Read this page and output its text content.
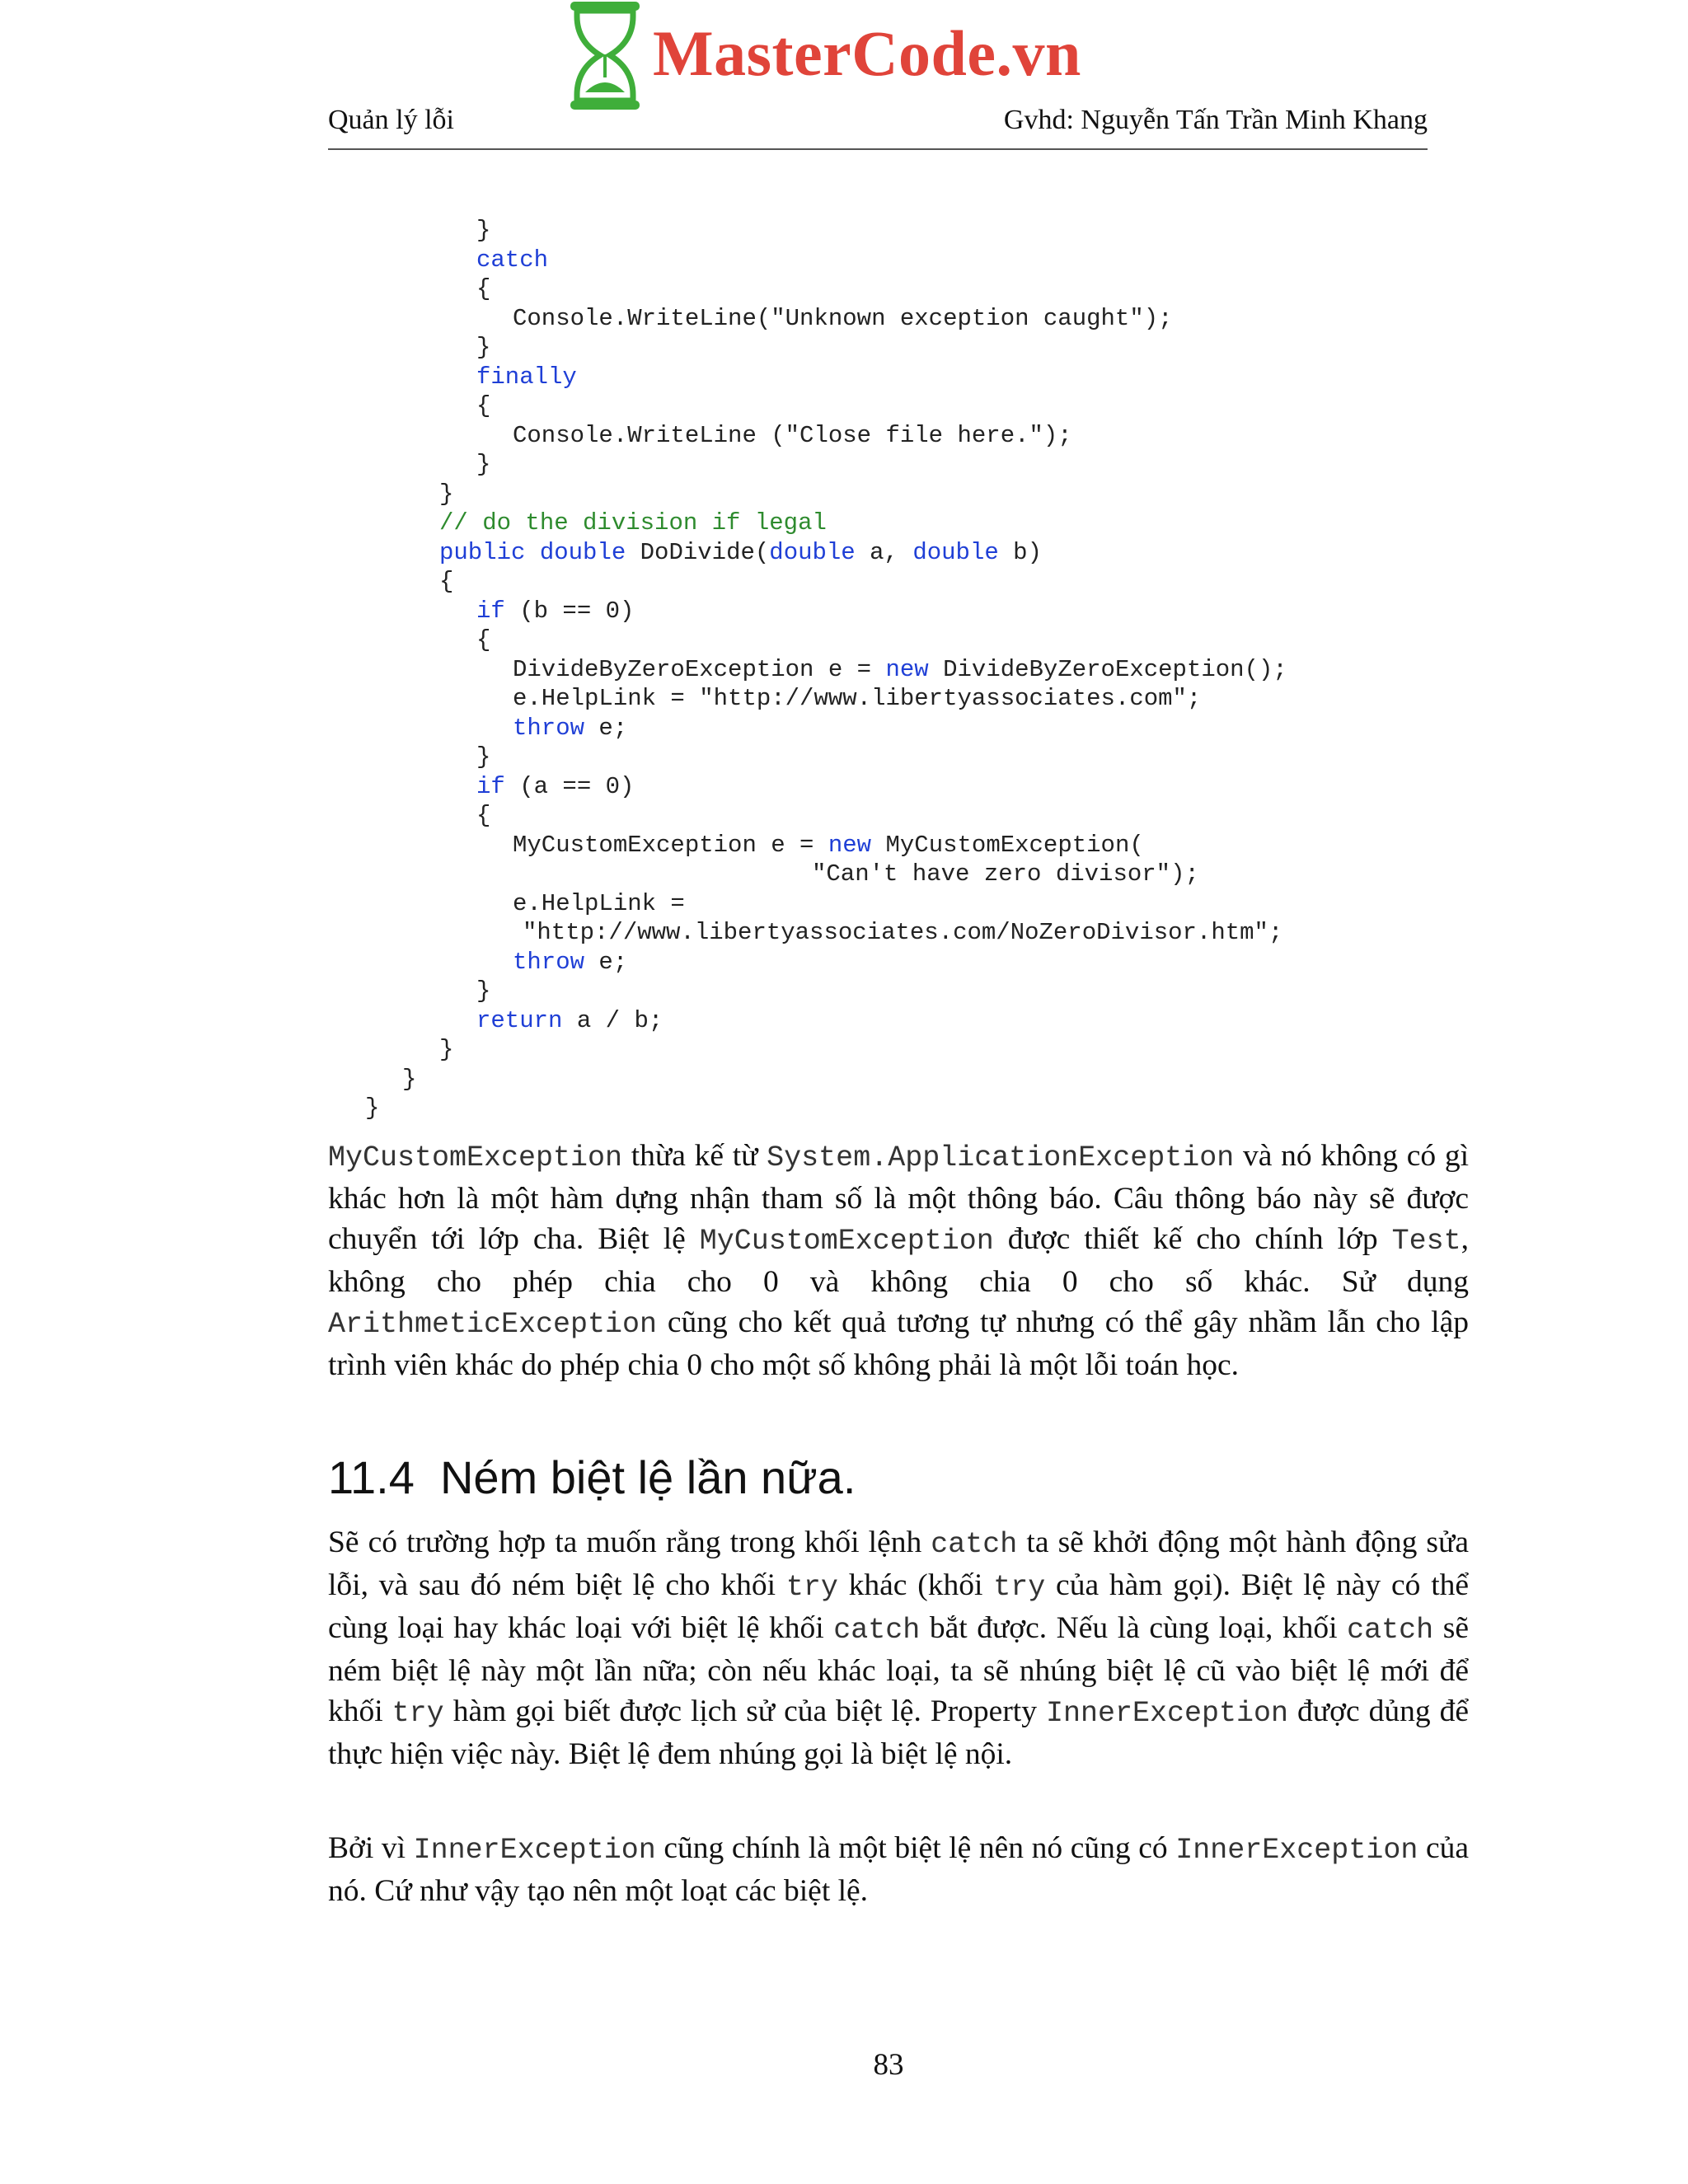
MasterCode.vn
Quản lý lỗi	Gvhd: Nguyễn Tấn Trần Minh Khang
}
catch
{
Console.WriteLine("Unknown exception caught");
}
finally
{
Console.WriteLine ("Close file here.");
}
}
// do the division if legal
public double DoDivide(double a, double b)
{
if (b == 0)
{
DivideByZeroException e = new DivideByZeroException();
e.HelpLink = "http://www.libertyassociates.com";
throw e;
}
if (a == 0)
{
MyCustomException e = new MyCustomException(
"Can't have zero divisor");
e.HelpLink =
"http://www.libertyassociates.com/NoZeroDivisor.htm";
throw e;
}
return a / b;
}
}
}

MyCustomException thừa kế từ System.ApplicationException và nó không có gì khác hơn là một hàm dựng nhận tham số là một thông báo. Câu thông báo này sẽ được chuyển tới lớp cha. Biệt lệ MyCustomException được thiết kế cho chính lớp Test, không cho phép chia cho 0 và không chia 0 cho số khác. Sử dụng ArithmeticException cũng cho kết quả tương tự nhưng có thể gây nhầm lẫn cho lập trình viên khác do phép chia 0 cho một số không phải là một lỗi toán học.

11.4 Ném biệt lệ lần nữa.

Sẽ có trường hợp ta muốn rằng trong khối lệnh catch ta sẽ khởi động một hành động sửa lỗi, và sau đó ném biệt lệ cho khối try khác (khối try của hàm gọi). Biệt lệ này có thể cùng loại hay khác loại với biệt lệ khối catch bắt được. Nếu là cùng loại, khối catch sẽ ném biệt lệ này một lần nữa; còn nếu khác loại, ta sẽ nhúng biệt lệ cũ vào biệt lệ mới để khối try hàm gọi biết được lịch sử của biệt lệ. Property InnerException được dủng để thực hiện việc này. Biệt lệ đem nhúng gọi là biệt lệ nội.

Bởi vì InnerException cũng chính là một biệt lệ nên nó cũng có InnerException của nó. Cứ như vậy tạo nên một loạt các biệt lệ.

83
